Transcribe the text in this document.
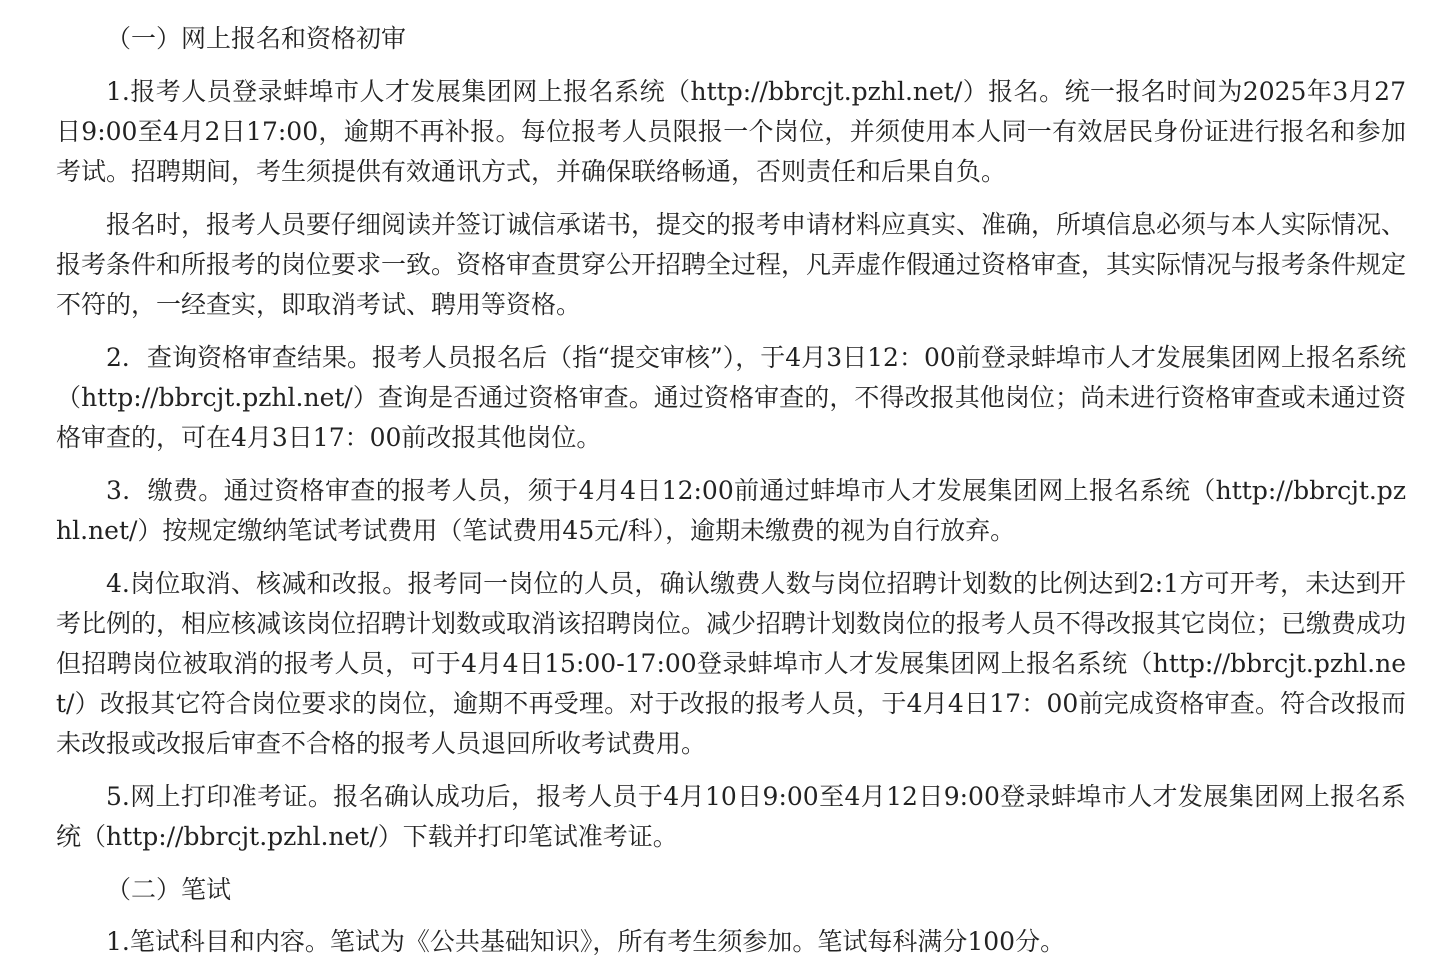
（一）网上报名和资格初审

1.报考人员登录蚌埠市人才发展集团网上报名系统（http://bbrcjt.pzhl.net/）报名。统一报名时间为2025年3月27日9:00至4月2日17:00，逾期不再补报。每位报考人员限报一个岗位，并须使用本人同一有效居民身份证进行报名和参加考试。招聘期间，考生须提供有效通讯方式，并确保联络畅通，否则责任和后果自负。

报名时，报考人员要仔细阅读并签订诚信承诺书，提交的报考申请材料应真实、准确，所填信息必须与本人实际情况、报考条件和所报考的岗位要求一致。资格审查贯穿公开招聘全过程，凡弄虚作假通过资格审查，其实际情况与报考条件规定不符的，一经查实，即取消考试、聘用等资格。

2．查询资格审查结果。报考人员报名后（指“提交审核”），于4月3日12：00前登录蚌埠市人才发展集团网上报名系统（http://bbrcjt.pzhl.net/）查询是否通过资格审查。通过资格审查的，不得改报其他岗位；尚未进行资格审查或未通过资格审查的，可在4月3日17：00前改报其他岗位。

3．缴费。通过资格审查的报考人员，须于4月4日12:00前通过蚌埠市人才发展集团网上报名系统（http://bbrcjt.pzhl.net/）按规定缴纳笔试考试费用（笔试费用45元/科），逾期未缴费的视为自行放弃。

4.岗位取消、核减和改报。报考同一岗位的人员，确认缴费人数与岗位招聘计划数的比例达到2:1方可开考，未达到开考比例的，相应核减该岗位招聘计划数或取消该招聘岗位。减少招聘计划数岗位的报考人员不得改报其它岗位；已缴费成功但招聘岗位被取消的报考人员，可于4月4日15:00-17:00登录蚌埠市人才发展集团网上报名系统（http://bbrcjt.pzhl.net/）改报其它符合岗位要求的岗位，逾期不再受理。对于改报的报考人员，于4月4日17：00前完成资格审查。符合改报而未改报或改报后审查不合格的报考人员退回所收考试费用。

5.网上打印准考证。报名确认成功后，报考人员于4月10日9:00至4月12日9:00登录蚌埠市人才发展集团网上报名系统（http://bbrcjt.pzhl.net/）下载并打印笔试准考证。

（二）笔试

1.笔试科目和内容。笔试为《公共基础知识》，所有考生须参加。笔试每科满分100分。
